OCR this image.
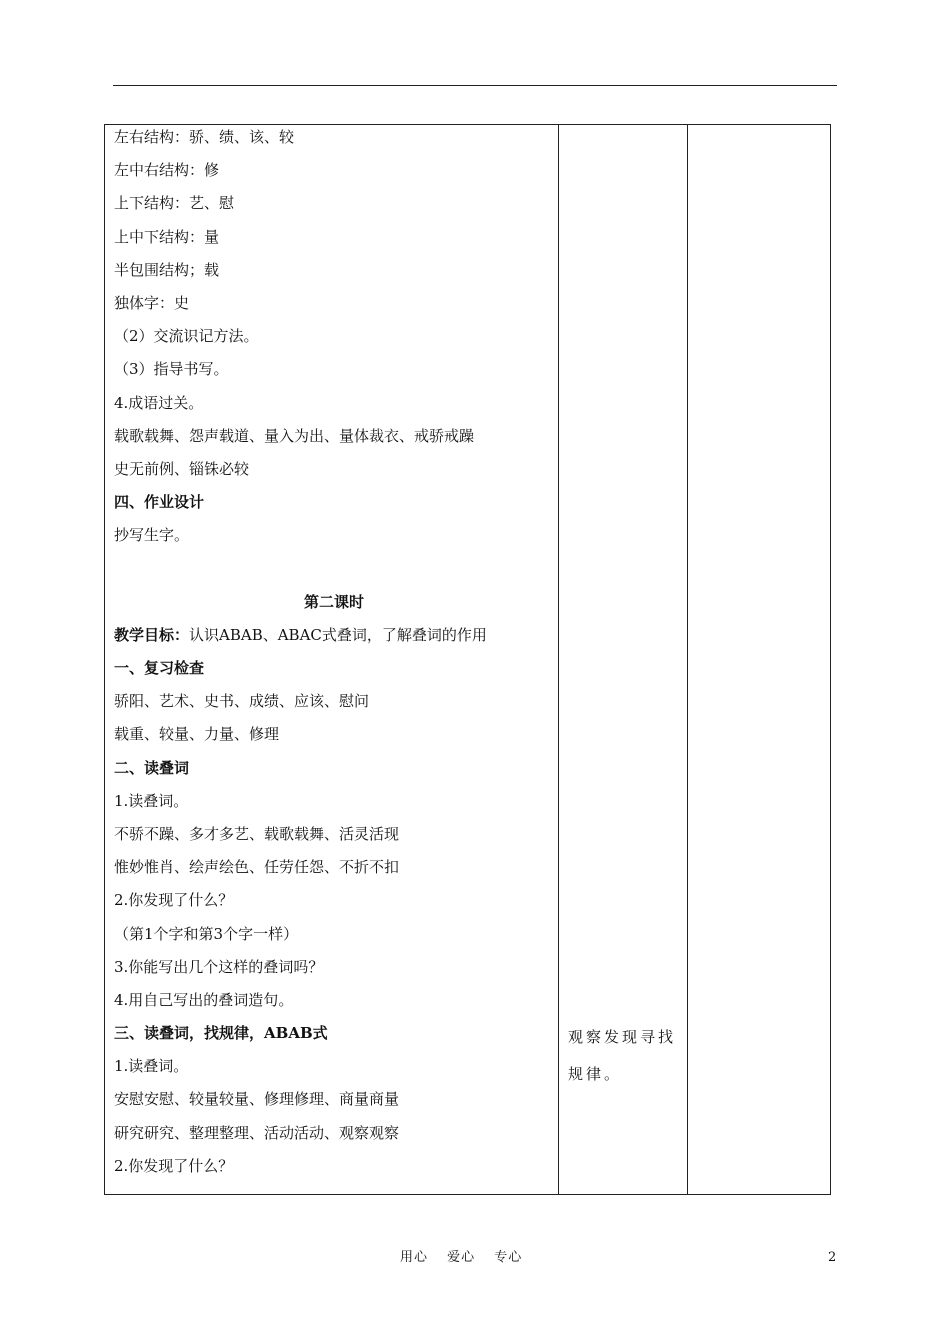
左右结构：骄、绩、该、较
左中右结构：修
上下结构：艺、慰
上中下结构：量
半包围结构；载
独体字：史
（2）交流识记方法。
（3）指导书写。
4.成语过关。
载歌载舞、怨声载道、量入为出、量体裁衣、戒骄戒躁
史无前例、锱铢必较
四、作业设计
抄写生字。
第二课时
教学目标：认识ABAB、ABAC式叠词，了解叠词的作用
一、复习检查
骄阳、艺术、史书、成绩、应该、慰问
载重、较量、力量、修理
二、读叠词
1.读叠词。
不骄不躁、多才多艺、载歌载舞、活灵活现
惟妙惟肖、绘声绘色、任劳任怨、不折不扣
2.你发现了什么？
（第1个字和第3个字一样）
3.你能写出几个这样的叠词吗？
4.用自己写出的叠词造句。
三、读叠词，找规律，ABAB式
1.读叠词。
安慰安慰、较量较量、修理修理、商量商量
研究研究、整理整理、活动活动、观察观察
2.你发现了什么？
观察发现寻找
规律。
用心 爱心 专心	2
